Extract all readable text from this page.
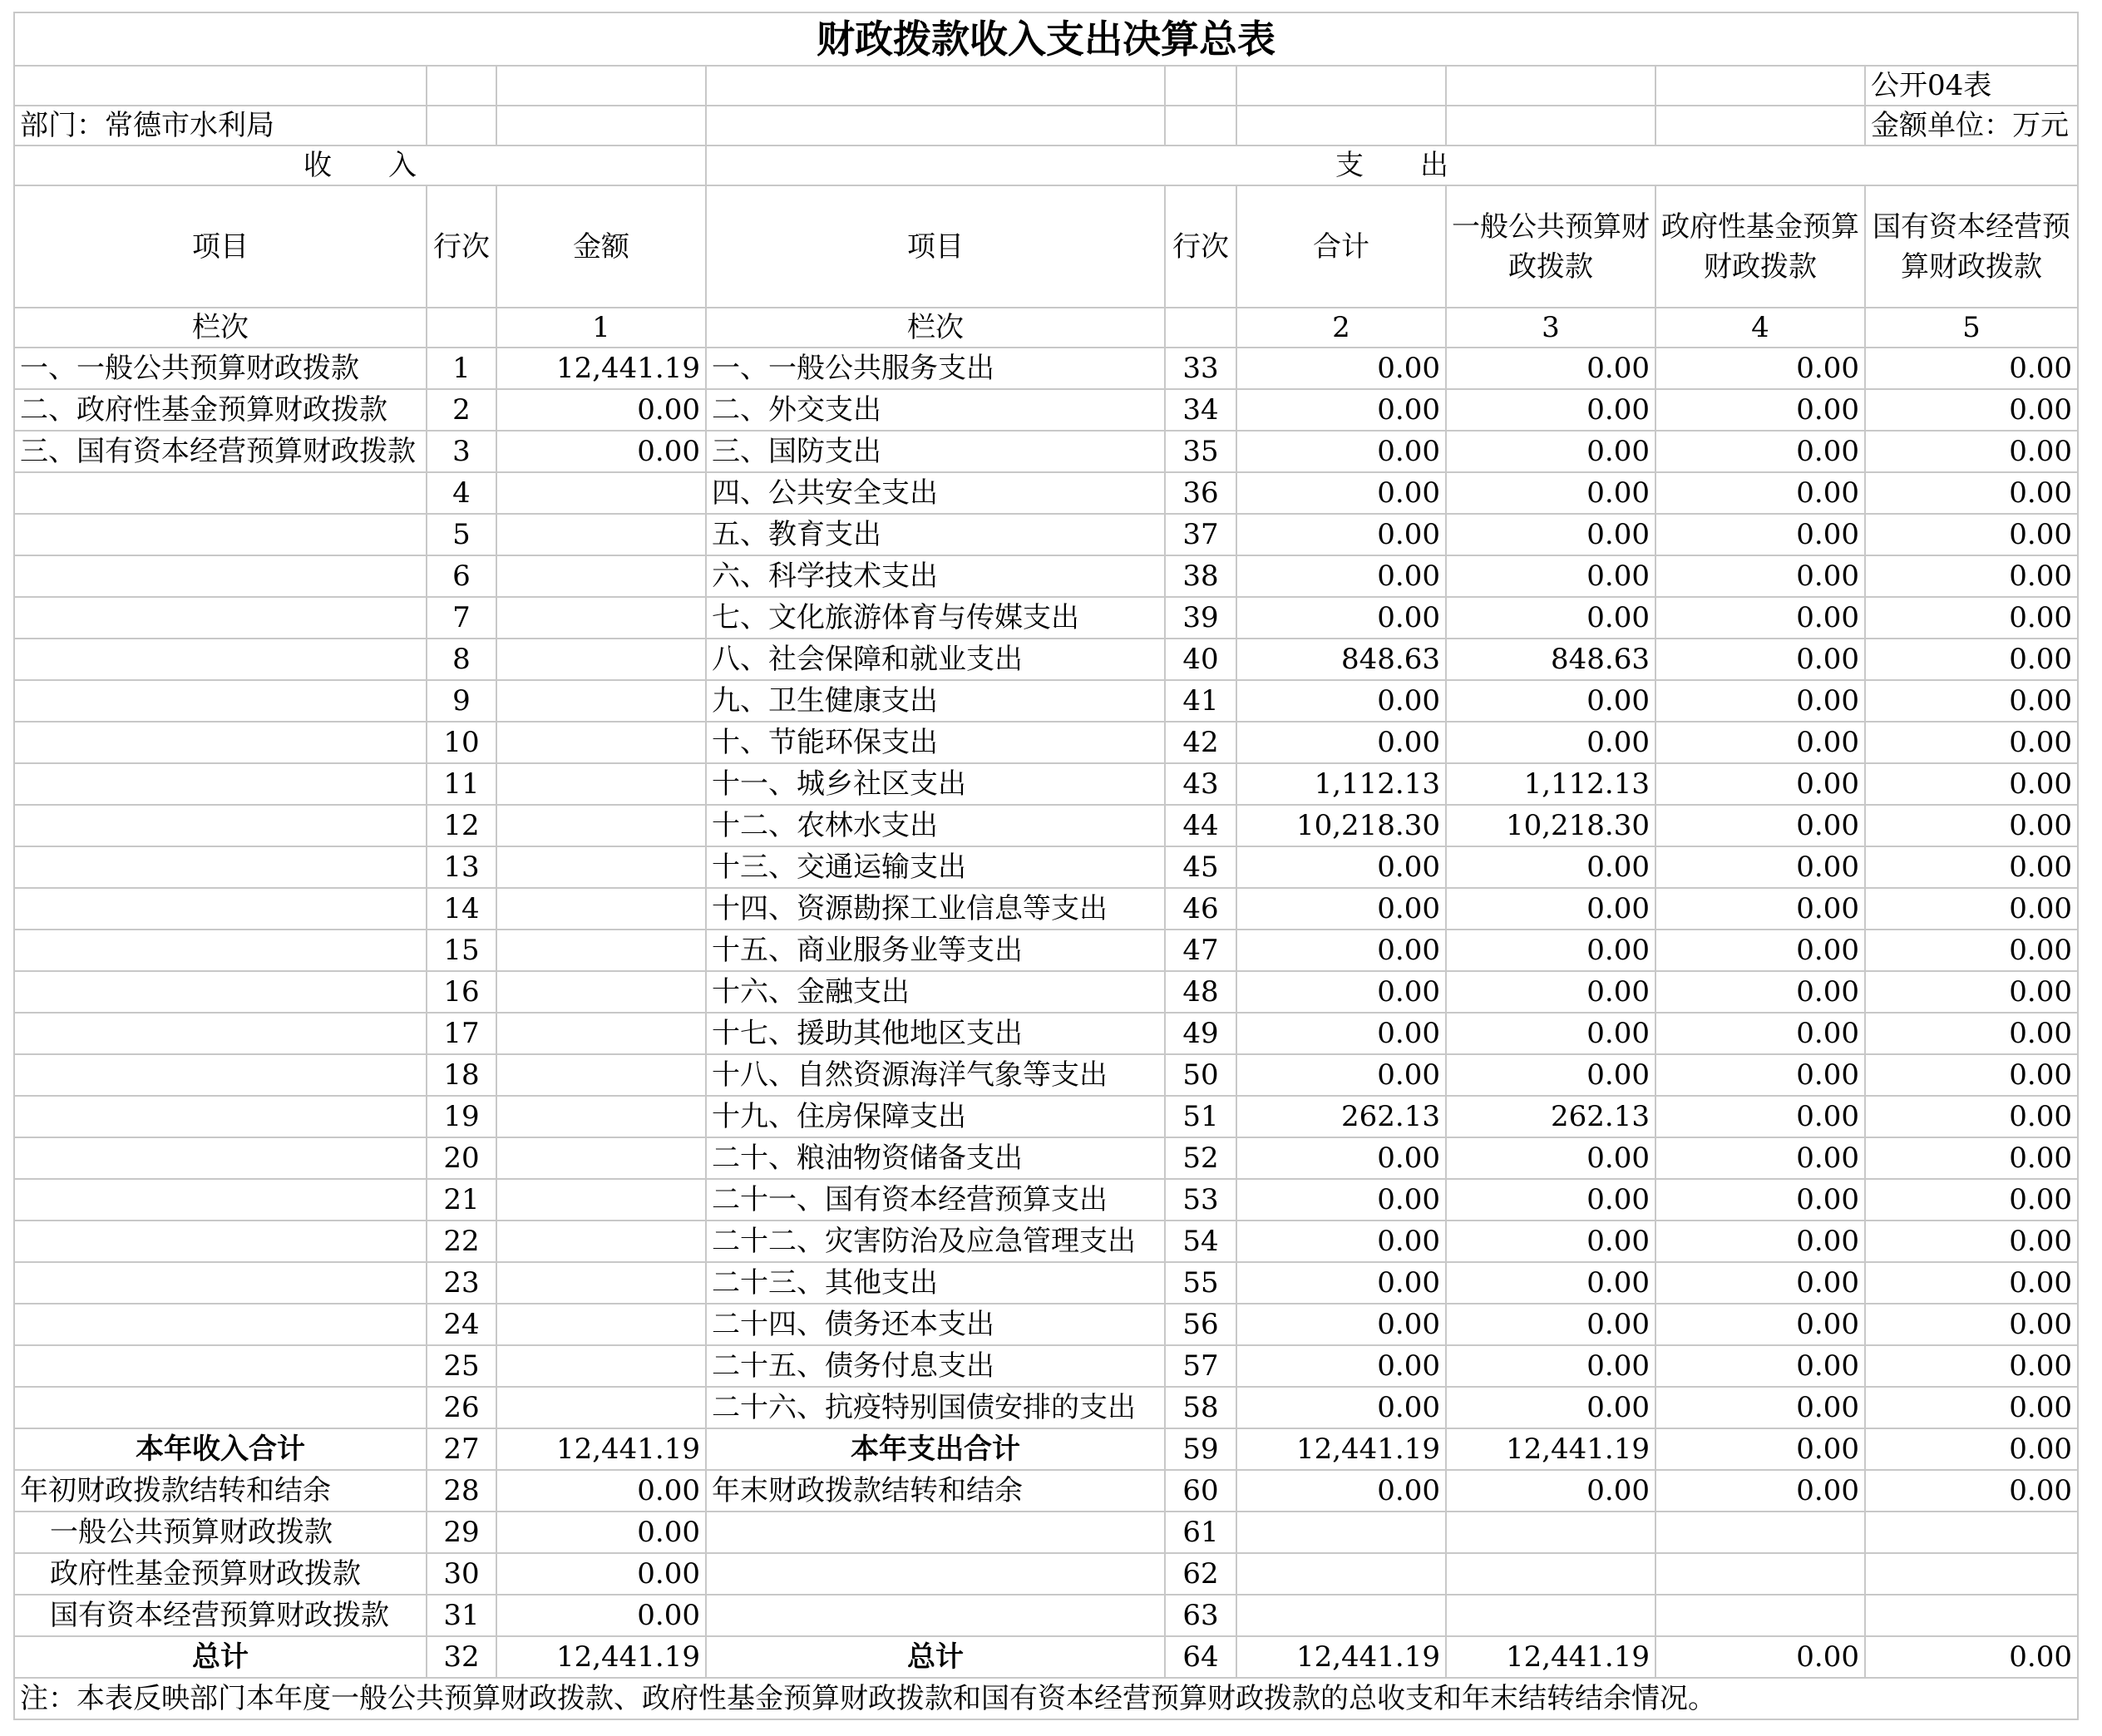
财政拨款收入支出决算总表								
								公开04表
部门：常德市水利局								金额单位：万元
收　　入			支　　出					
项目	行次	金额	项目	行次	合计	一般公共预算财政拨款	政府性基金预算财政拨款	国有资本经营预算财政拨款
栏次		1	栏次		2	3	4	5
一、一般公共预算财政拨款	1	12,441.19	一、一般公共服务支出	33	0.00	0.00	0.00	0.00
二、政府性基金预算财政拨款	2	0.00	二、外交支出	34	0.00	0.00	0.00	0.00
三、国有资本经营预算财政拨款	3	0.00	三、国防支出	35	0.00	0.00	0.00	0.00
	4		四、公共安全支出	36	0.00	0.00	0.00	0.00
	5		五、教育支出	37	0.00	0.00	0.00	0.00
	6		六、科学技术支出	38	0.00	0.00	0.00	0.00
	7		七、文化旅游体育与传媒支出	39	0.00	0.00	0.00	0.00
	8		八、社会保障和就业支出	40	848.63	848.63	0.00	0.00
	9		九、卫生健康支出	41	0.00	0.00	0.00	0.00
	10		十、节能环保支出	42	0.00	0.00	0.00	0.00
	11		十一、城乡社区支出	43	1,112.13	1,112.13	0.00	0.00
	12		十二、农林水支出	44	10,218.30	10,218.30	0.00	0.00
	13		十三、交通运输支出	45	0.00	0.00	0.00	0.00
	14		十四、资源勘探工业信息等支出	46	0.00	0.00	0.00	0.00
	15		十五、商业服务业等支出	47	0.00	0.00	0.00	0.00
	16		十六、金融支出	48	0.00	0.00	0.00	0.00
	17		十七、援助其他地区支出	49	0.00	0.00	0.00	0.00
	18		十八、自然资源海洋气象等支出	50	0.00	0.00	0.00	0.00
	19		十九、住房保障支出	51	262.13	262.13	0.00	0.00
	20		二十、粮油物资储备支出	52	0.00	0.00	0.00	0.00
	21		二十一、国有资本经营预算支出	53	0.00	0.00	0.00	0.00
	22		二十二、灾害防治及应急管理支出	54	0.00	0.00	0.00	0.00
	23		二十三、其他支出	55	0.00	0.00	0.00	0.00
	24		二十四、债务还本支出	56	0.00	0.00	0.00	0.00
	25		二十五、债务付息支出	57	0.00	0.00	0.00	0.00
	26		二十六、抗疫特别国债安排的支出	58	0.00	0.00	0.00	0.00
本年收入合计	27	12,441.19	本年支出合计	59	12,441.19	12,441.19	0.00	0.00
年初财政拨款结转和结余	28	0.00	年末财政拨款结转和结余	60	0.00	0.00	0.00	0.00
一般公共预算财政拨款	29	0.00		61				
政府性基金预算财政拨款	30	0.00		62				
国有资本经营预算财政拨款	31	0.00		63				
总计	32	12,441.19	总计	64	12,441.19	12,441.19	0.00	0.00
注：本表反映部门本年度一般公共预算财政拨款、政府性基金预算财政拨款和国有资本经营预算财政拨款的总收支和年末结转结余情况。								
